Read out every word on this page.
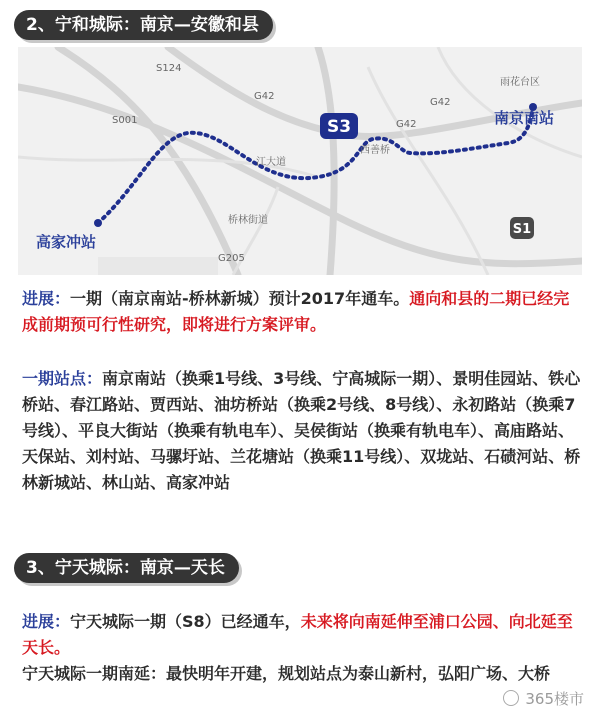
2、宁和城际：南京—安徽和县
S3
S1
S124
G42
S001	G42
G42
G205
雨花台区
西善桥
桥林街道
江大道
南京南站
高家冲站

进展：一期（南京南站-桥林新城）预计2017年通车。通向和县的二期已经完成前期预可行性研究，即将进行方案评审。

一期站点：南京南站（换乘1号线、3号线、宁高城际一期）、景明佳园站、铁心桥站、春江路站、贾西站、油坊桥站（换乘2号线、8号线）、永初路站（换乘7号线）、平良大街站（换乘有轨电车）、吴侯街站（换乘有轨电车）、高庙路站、天保站、刘村站、马骡圩站、兰花塘站（换乘11号线）、双垅站、石碛河站、桥林新城站、林山站、高家冲站

3、宁天城际：南京—天长

进展：宁天城际一期（S8）已经通车，未来将向南延伸至浦口公园、向北延至天长。

宁天城际一期南延：最快明年开建，规划站点为泰山新村，弘阳广场、大桥

365楼市
